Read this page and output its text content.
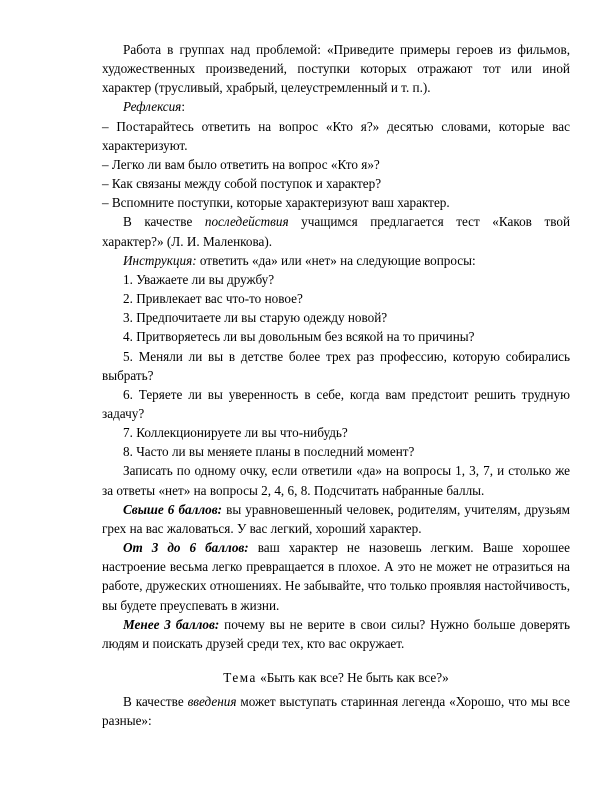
Работа в группах над проблемой: «Приведите примеры героев из фильмов, художественных произведений, поступки которых отражают тот или иной характер (трусливый, храбрый, целеустремленный и т. п.).

Рефлексия:

– Постарайтесь ответить на вопрос «Кто я?» десятью словами, которые вас характеризуют.

– Легко ли вам было ответить на вопрос «Кто я»?

– Как связаны между собой поступок и характер?

– Вспомните поступки, которые характеризуют ваш характер.

В качестве последействия учащимся предлагается тест «Каков твой характер?» (Л. И. Маленкова).

Инструкция: ответить «да» или «нет» на следующие вопросы:

1. Уважаете ли вы дружбу?

2. Привлекает вас что-то новое?

3. Предпочитаете ли вы старую одежду новой?

4. Притворяетесь ли вы довольным без всякой на то причины?

5. Меняли ли вы в детстве более трех раз профессию, которую собирались выбрать?

6. Теряете ли вы уверенность в себе, когда вам предстоит решить трудную задачу?

7. Коллекционируете ли вы что-нибудь?

8. Часто ли вы меняете планы в последний момент?

Записать по одному очку, если ответили «да» на вопросы 1, 3, 7, и столько же за ответы «нет» на вопросы 2, 4, 6, 8. Подсчитать набранные баллы.

Свыше 6 баллов: вы уравновешенный человек, родителям, учителям, друзьям грех на вас жаловаться. У вас легкий, хороший характер.

От 3 до 6 баллов: ваш характер не назовешь легким. Ваше хорошее настроение весьма легко превращается в плохое. А это не может не отразиться на работе, дружеских отношениях. Не забывайте, что только проявляя настойчивость, вы будете преуспевать в жизни.

Менее 3 баллов: почему вы не верите в свои силы? Нужно больше доверять людям и поискать друзей среди тех, кто вас окружает.

Тема «Быть как все? Не быть как все?»

В качестве введения может выступать старинная легенда «Хорошо, что мы все разные»:
